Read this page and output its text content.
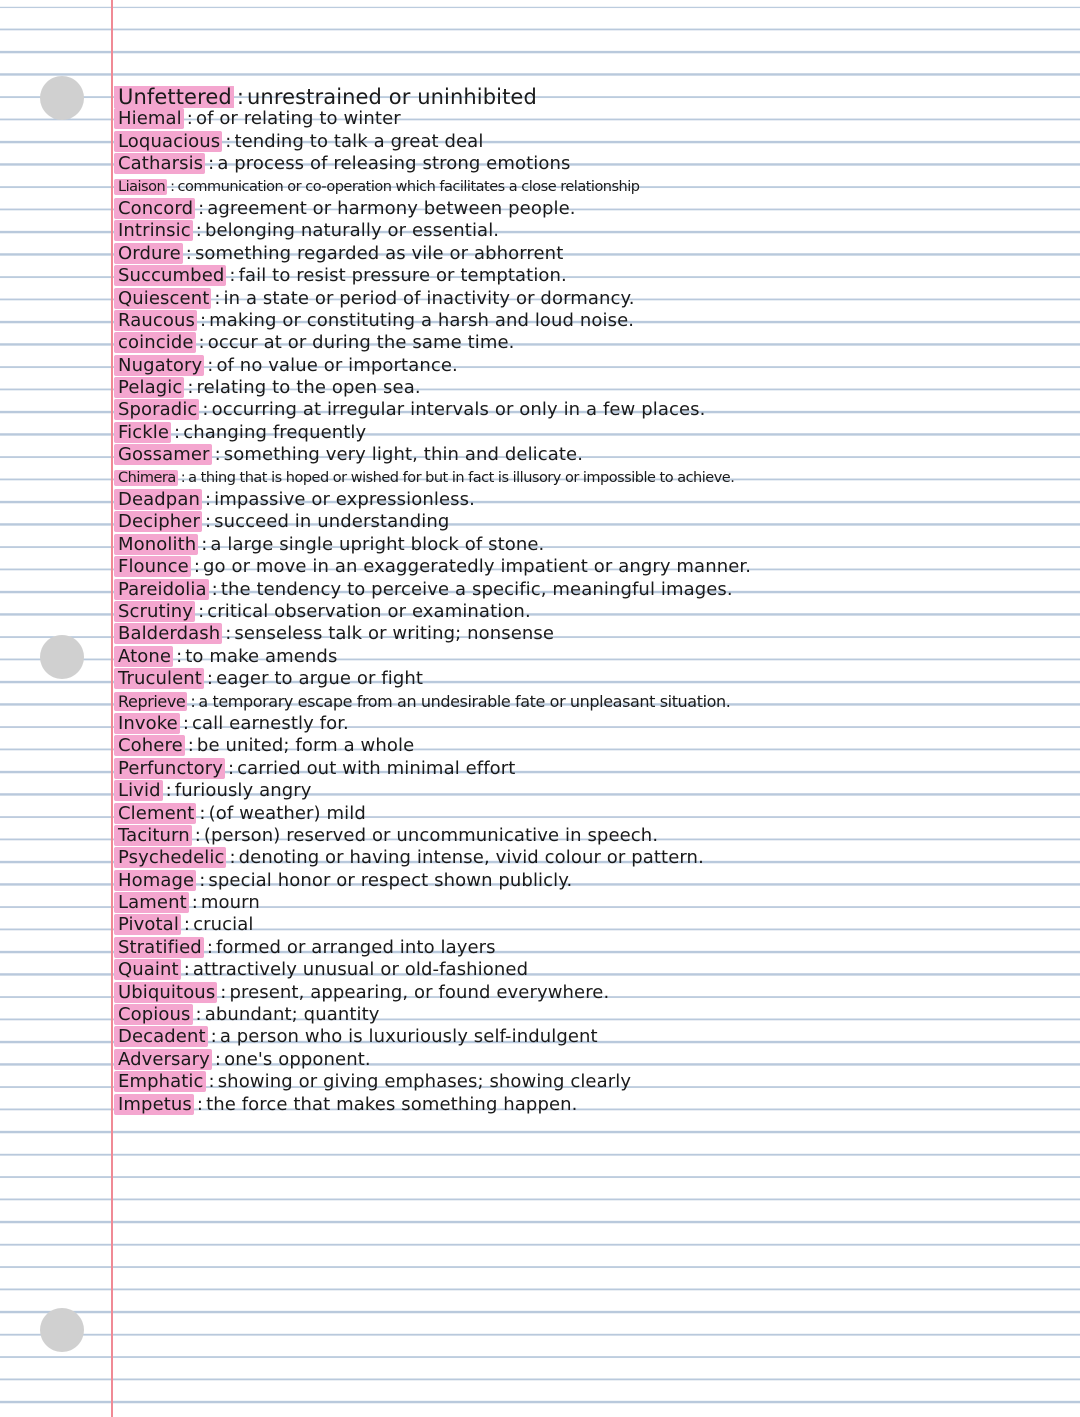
Unfettered : unrestrained or uninhibited
Hiemal : of or relating to winter
Loquacious : tending to talk a great deal
Catharsis : a process of releasing strong emotions
Liaison : communication or co-operation which facilitates a close relationship
Concord : agreement or harmony between people.
Intrinsic : belonging naturally or essential.
Ordure : something regarded as vile or abhorrent
Succumbed : fail to resist pressure or temptation.
Quiescent : in a state or period of inactivity or dormancy.
Raucous : making or constituting a harsh and loud noise.
coincide : occur at or during the same time.
Nugatory : of no value or importance.
Pelagic : relating to the open sea.
Sporadic : occurring at irregular intervals or only in a few places.
Fickle : changing frequently
Gossamer : something very light, thin and delicate.
Chimera : a thing that is hoped or wished for but in fact is illusory or impossible to achieve.
Deadpan : impassive or expressionless.
Decipher : succeed in understanding
Monolith : a large single upright block of stone.
Flounce : go or move in an exaggeratedly impatient or angry manner.
Pareidolia : the tendency to perceive a specific, meaningful images.
Scrutiny : critical observation or examination.
Balderdash : senseless talk or writing; nonsense
Atone : to make amends
Truculent : eager to argue or fight
Reprieve : a temporary escape from an undesirable fate or unpleasant situation.
Invoke : call earnestly for.
Cohere : be united; form a whole
Perfunctory : carried out with minimal effort
Livid : furiously angry
Clement : (of weather) mild
Taciturn : (person) reserved or uncommunicative in speech.
Psychedelic : denoting or having intense, vivid colour or pattern.
Homage : special honor or respect shown publicly.
Lament : mourn
Pivotal : crucial
Stratified : formed or arranged into layers
Quaint : attractively unusual or old-fashioned
Ubiquitous : present, appearing, or found everywhere.
Copious : abundant; quantity
Decadent : a person who is luxuriously self-indulgent
Adversary : one's opponent.
Emphatic : showing or giving emphases; showing clearly
Impetus : the force that makes something happen.
